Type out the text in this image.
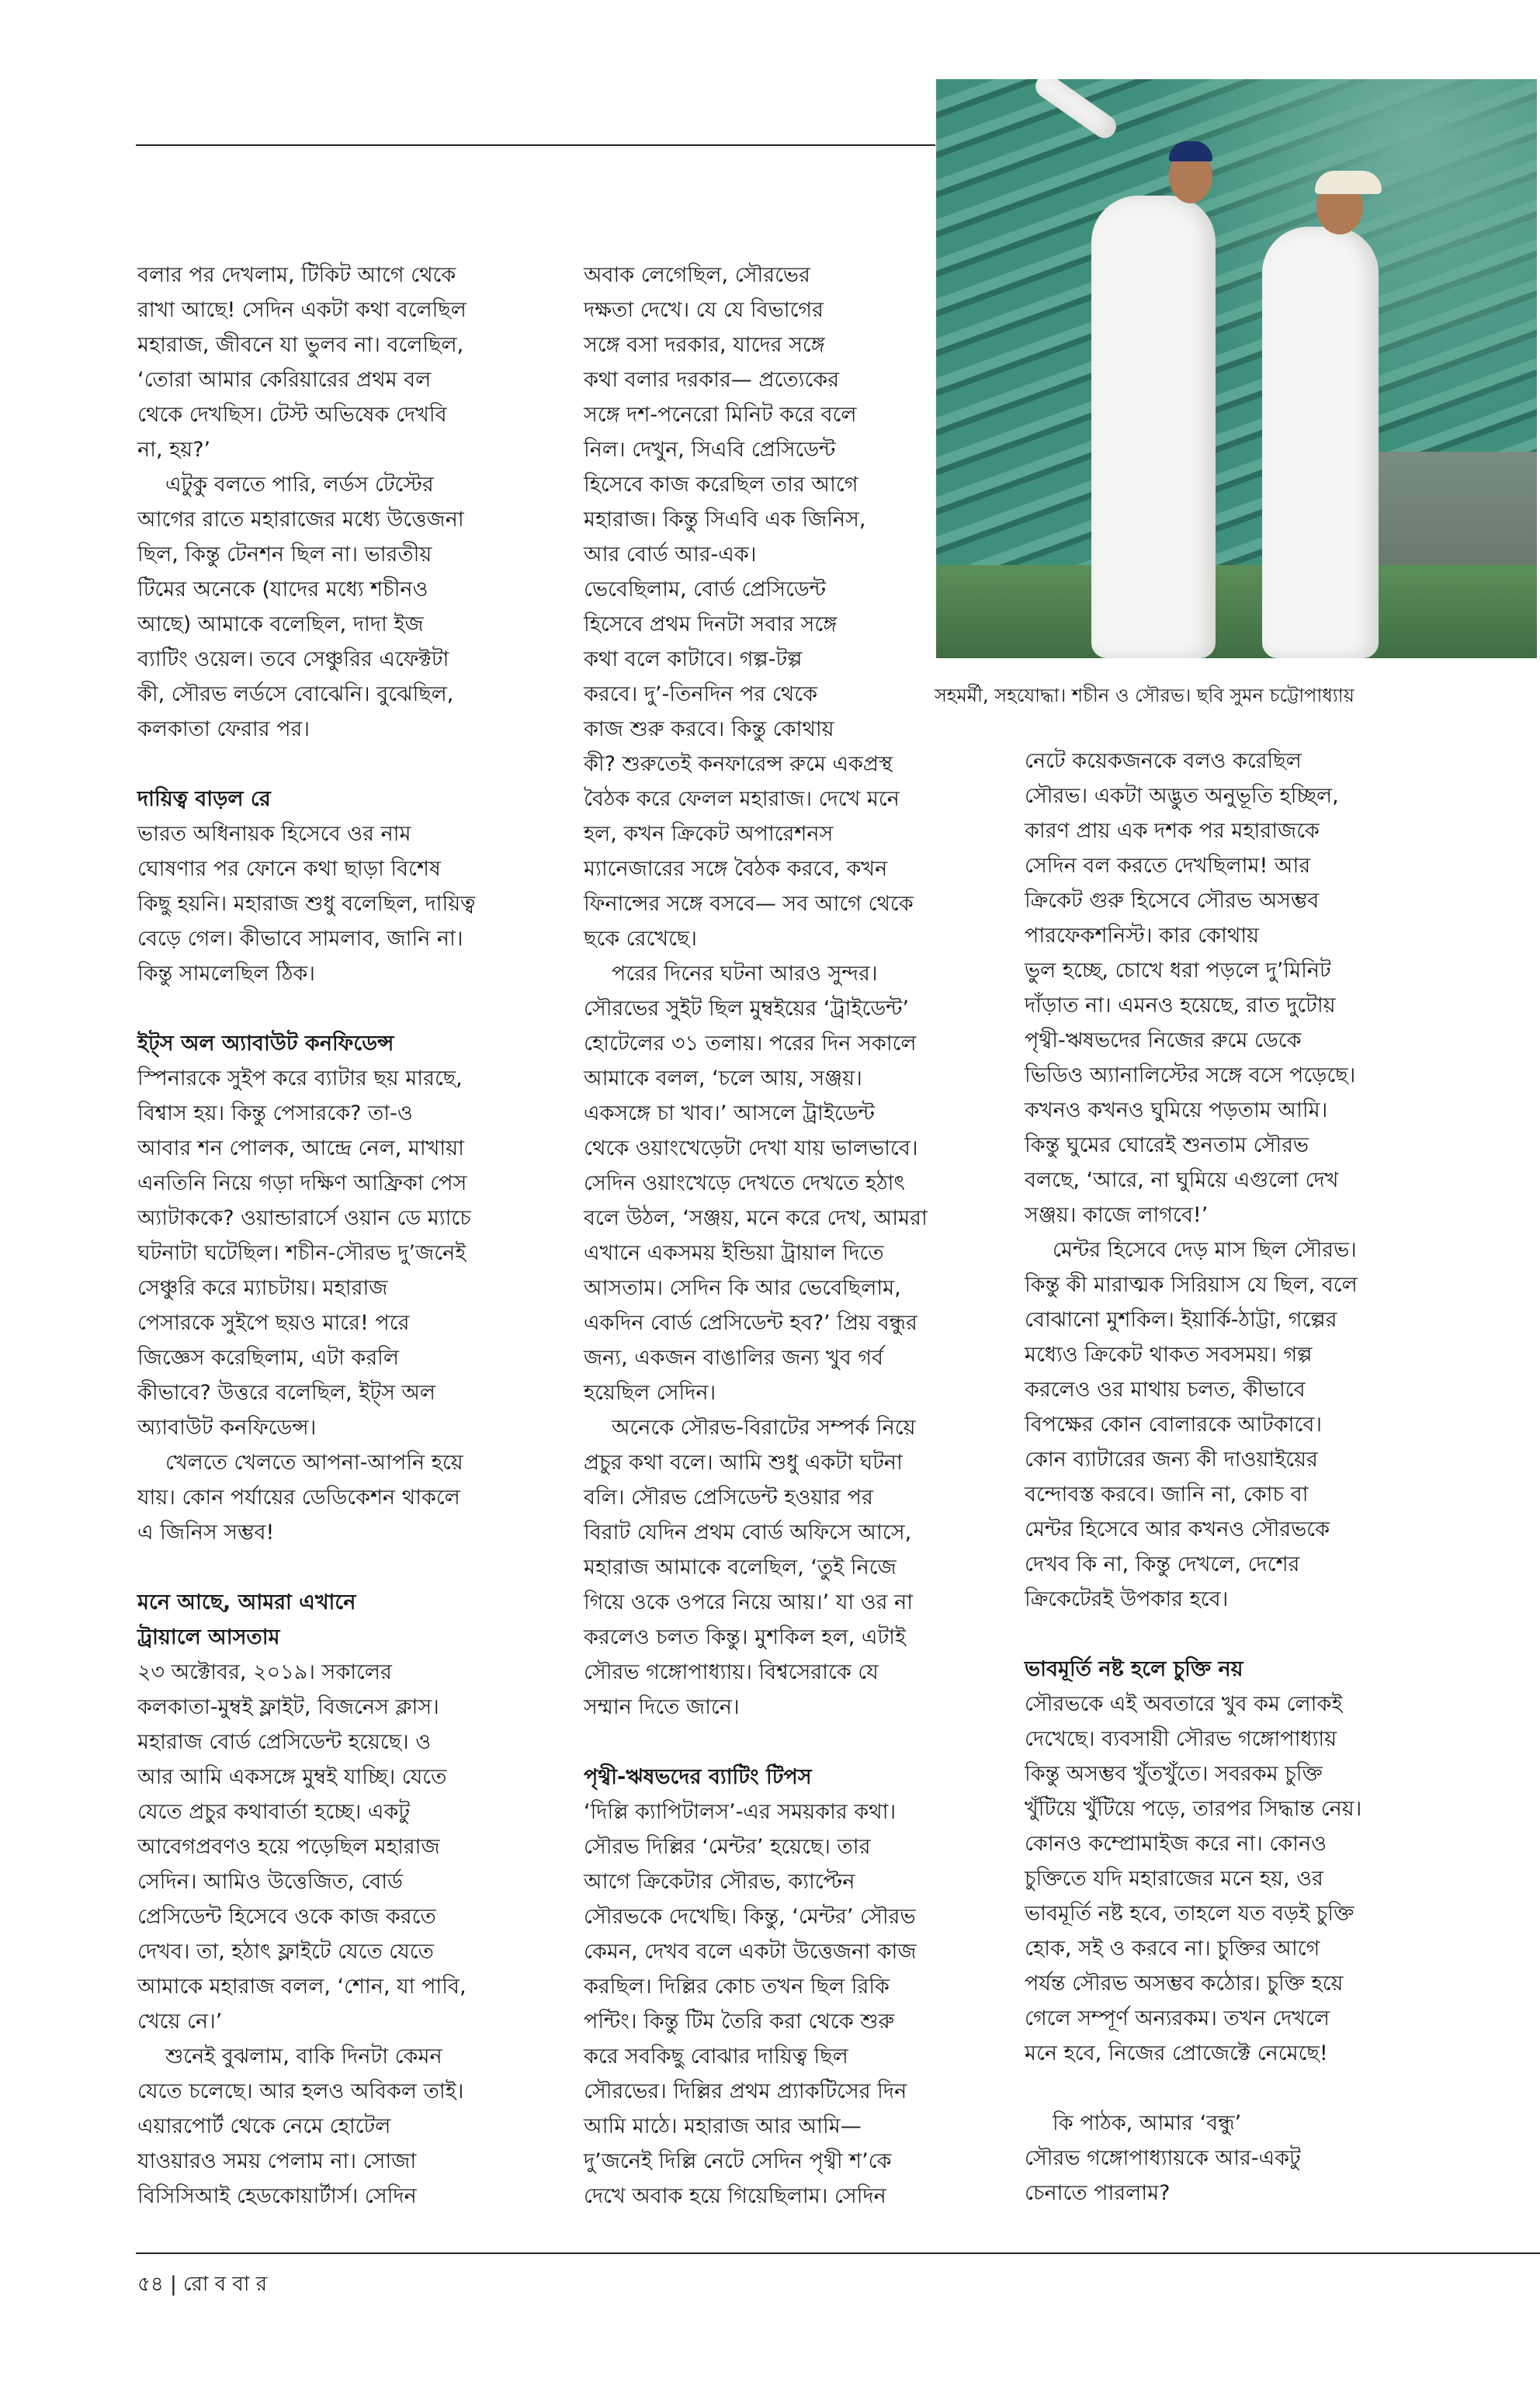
সহমর্মী, সহযোদ্ধা। শচীন ও সৌরভ। ছবি সুমন চট্টোপাধ্যায়
বলার পর দেখলাম, টিকিট আগে থেকে
রাখা আছে! সেদিন একটা কথা বলেছিল
মহারাজ, জীবনে যা ভুলব না। বলেছিল,
‘তোরা আমার কেরিয়ারের প্রথম বল
থেকে দেখছিস। টেস্ট অভিষেক দেখবি
না, হয়?’
এটুকু বলতে পারি, লর্ডস টেস্টের
আগের রাতে মহারাজের মধ্যে উত্তেজনা
ছিল, কিন্তু টেনশন ছিল না। ভারতীয়
টিমের অনেকে (যাদের মধ্যে শচীনও
আছে) আমাকে বলেছিল, দাদা ইজ
ব্যাটিং ওয়েল। তবে সেঞ্চুরির এফেক্টটা
কী, সৌরভ লর্ডসে বোঝেনি। বুঝেছিল,
কলকাতা ফেরার পর।
দায়িত্ব বাড়ল রে
ভারত অধিনায়ক হিসেবে ওর নাম
ঘোষণার পর ফোনে কথা ছাড়া বিশেষ
কিছু হয়নি। মহারাজ শুধু বলেছিল, দায়িত্ব
বেড়ে গেল। কীভাবে সামলাব, জানি না।
কিন্তু সামলেছিল ঠিক।
ইট্‌স অল অ্যাবাউট কনফিডেন্স
স্পিনারকে সুইপ করে ব্যাটার ছয় মারছে,
বিশ্বাস হয়। কিন্তু পেসারকে? তা-ও
আবার শন পোলক, আন্দ্রে নেল, মাখায়া
এনতিনি নিয়ে গড়া দক্ষিণ আফ্রিকা পেস
অ্যাটাককে? ওয়ান্ডারার্সে ওয়ান ডে ম্যাচে
ঘটনাটা ঘটেছিল। শচীন-সৌরভ দু’জনেই
সেঞ্চুরি করে ম্যাচটায়। মহারাজ
পেসারকে সুইপে ছয়ও মারে! পরে
জিজ্ঞেস করেছিলাম, এটা করলি
কীভাবে? উত্তরে বলেছিল, ইট্‌স অল
অ্যাবাউট কনফিডেন্স।
খেলতে খেলতে আপনা-আপনি হয়ে
যায়। কোন পর্যায়ের ডেডিকেশন থাকলে
এ জিনিস সম্ভব!
মনে আছে, আমরা এখানে
ট্রায়ালে আসতাম
২৩ অক্টোবর, ২০১৯। সকালের
কলকাতা-মুম্বই ফ্লাইট, বিজনেস ক্লাস।
মহারাজ বোর্ড প্রেসিডেন্ট হয়েছে। ও
আর আমি একসঙ্গে মুম্বই যাচ্ছি। যেতে
যেতে প্রচুর কথাবার্তা হচ্ছে। একটু
আবেগপ্রবণও হয়ে পড়েছিল মহারাজ
সেদিন। আমিও উত্তেজিত, বোর্ড
প্রেসিডেন্ট হিসেবে ওকে কাজ করতে
দেখব। তা, হঠাৎ ফ্লাইটে যেতে যেতে
আমাকে মহারাজ বলল, ‘শোন, যা পাবি,
খেয়ে নে।’
শুনেই বুঝলাম, বাকি দিনটা কেমন
যেতে চলেছে। আর হলও অবিকল তাই।
এয়ারপোর্ট থেকে নেমে হোটেল
যাওয়ারও সময় পেলাম না। সোজা
বিসিসিআই হেডকোয়ার্টার্স। সেদিন
অবাক লেগেছিল, সৌরভের
দক্ষতা দেখে। যে যে বিভাগের
সঙ্গে বসা দরকার, যাদের সঙ্গে
কথা বলার দরকার— প্রত্যেকের
সঙ্গে দশ-পনেরো মিনিট করে বলে
নিল। দেখুন, সিএবি প্রেসিডেন্ট
হিসেবে কাজ করেছিল তার আগে
মহারাজ। কিন্তু সিএবি এক জিনিস,
আর বোর্ড আর-এক।
ভেবেছিলাম, বোর্ড প্রেসিডেন্ট
হিসেবে প্রথম দিনটা সবার সঙ্গে
কথা বলে কাটাবে। গল্প-টল্প
করবে। দু’-তিনদিন পর থেকে
কাজ শুরু করবে। কিন্তু কোথায়
কী? শুরুতেই কনফারেন্স রুমে একপ্রস্থ
বৈঠক করে ফেলল মহারাজ। দেখে মনে
হল, কখন ক্রিকেট অপারেশনস
ম্যানেজারের সঙ্গে বৈঠক করবে, কখন
ফিনান্সের সঙ্গে বসবে— সব আগে থেকে
ছকে রেখেছে।
পরের দিনের ঘটনা আরও সুন্দর।
সৌরভের সুইট ছিল মুম্বইয়ের ‘ট্রাইডেন্ট’
হোটেলের ৩১ তলায়। পরের দিন সকালে
আমাকে বলল, ‘চলে আয়, সঞ্জয়।
একসঙ্গে চা খাব।’ আসলে ট্রাইডেন্ট
থেকে ওয়াংখেড়েটা দেখা যায় ভালভাবে।
সেদিন ওয়াংখেড়ে দেখতে দেখতে হঠাৎ
বলে উঠল, ‘সঞ্জয়, মনে করে দেখ, আমরা
এখানে একসময় ইন্ডিয়া ট্রায়াল দিতে
আসতাম। সেদিন কি আর ভেবেছিলাম,
একদিন বোর্ড প্রেসিডেন্ট হব?’ প্রিয় বন্ধুর
জন্য, একজন বাঙালির জন্য খুব গর্ব
হয়েছিল সেদিন।
অনেকে সৌরভ-বিরাটের সম্পর্ক নিয়ে
প্রচুর কথা বলে। আমি শুধু একটা ঘটনা
বলি। সৌরভ প্রেসিডেন্ট হওয়ার পর
বিরাট যেদিন প্রথম বোর্ড অফিসে আসে,
মহারাজ আমাকে বলেছিল, ‘তুই নিজে
গিয়ে ওকে ওপরে নিয়ে আয়।’ যা ওর না
করলেও চলত কিন্তু। মুশকিল হল, এটাই
সৌরভ গঙ্গোপাধ্যায়। বিশ্বসেরাকে যে
সম্মান দিতে জানে।
পৃথ্বী-ঋষভদের ব্যাটিং টিপস
‘দিল্লি ক্যাপিটালস’-এর সময়কার কথা।
সৌরভ দিল্লির ‘মেন্টর’ হয়েছে। তার
আগে ক্রিকেটার সৌরভ, ক্যাপ্টেন
সৌরভকে দেখেছি। কিন্তু, ‘মেন্টর’ সৌরভ
কেমন, দেখব বলে একটা উত্তেজনা কাজ
করছিল। দিল্লির কোচ তখন ছিল রিকি
পন্টিং। কিন্তু টিম তৈরি করা থেকে শুরু
করে সবকিছু বোঝার দায়িত্ব ছিল
সৌরভের। দিল্লির প্রথম প্র্যাকটিসের দিন
আমি মাঠে। মহারাজ আর আমি—
দু’জনেই দিল্লি নেটে সেদিন পৃথ্বী শ’কে
দেখে অবাক হয়ে গিয়েছিলাম। সেদিন
নেটে কয়েকজনকে বলও করেছিল
সৌরভ। একটা অদ্ভুত অনুভূতি হচ্ছিল,
কারণ প্রায় এক দশক পর মহারাজকে
সেদিন বল করতে দেখছিলাম! আর
ক্রিকেট গুরু হিসেবে সৌরভ অসম্ভব
পারফেকশনিস্ট। কার কোথায়
ভুল হচ্ছে, চোখে ধরা পড়লে দু’মিনিট
দাঁড়াত না। এমনও হয়েছে, রাত দুটোয়
পৃথ্বী-ঋষভদের নিজের রুমে ডেকে
ভিডিও অ্যানালিস্টের সঙ্গে বসে পড়েছে।
কখনও কখনও ঘুমিয়ে পড়তাম আমি।
কিন্তু ঘুমের ঘোরেই শুনতাম সৌরভ
বলছে, ‘আরে, না ঘুমিয়ে এগুলো দেখ
সঞ্জয়। কাজে লাগবে!’
মেন্টর হিসেবে দেড় মাস ছিল সৌরভ।
কিন্তু কী মারাত্মক সিরিয়াস যে ছিল, বলে
বোঝানো মুশকিল। ইয়ার্কি-ঠাট্টা, গল্পের
মধ্যেও ক্রিকেট থাকত সবসময়। গল্প
করলেও ওর মাথায় চলত, কীভাবে
বিপক্ষের কোন বোলারকে আটকাবে।
কোন ব্যাটারের জন্য কী দাওয়াইয়ের
বন্দোবস্ত করবে। জানি না, কোচ বা
মেন্টর হিসেবে আর কখনও সৌরভকে
দেখব কি না, কিন্তু দেখলে, দেশের
ক্রিকেটেরই উপকার হবে।
ভাবমূর্তি নষ্ট হলে চুক্তি নয়
সৌরভকে এই অবতারে খুব কম লোকই
দেখেছে। ব্যবসায়ী সৌরভ গঙ্গোপাধ্যায়
কিন্তু অসম্ভব খুঁতখুঁতে। সবরকম চুক্তি
খুঁটিয়ে খুঁটিয়ে পড়ে, তারপর সিদ্ধান্ত নেয়।
কোনও কম্প্রোমাইজ করে না। কোনও
চুক্তিতে যদি মহারাজের মনে হয়, ওর
ভাবমূর্তি নষ্ট হবে, তাহলে যত বড়ই চুক্তি
হোক, সই ও করবে না। চুক্তির আগে
পর্যন্ত সৌরভ অসম্ভব কঠোর। চুক্তি হয়ে
গেলে সম্পূর্ণ অন্যরকম। তখন দেখলে
মনে হবে, নিজের প্রোজেক্টে নেমেছে!
কি পাঠক, আমার ‘বন্ধু’
সৌরভ গঙ্গোপাধ্যায়কে আর-একটু
চেনাতে পারলাম?
৫৪ | রো ব বা র
